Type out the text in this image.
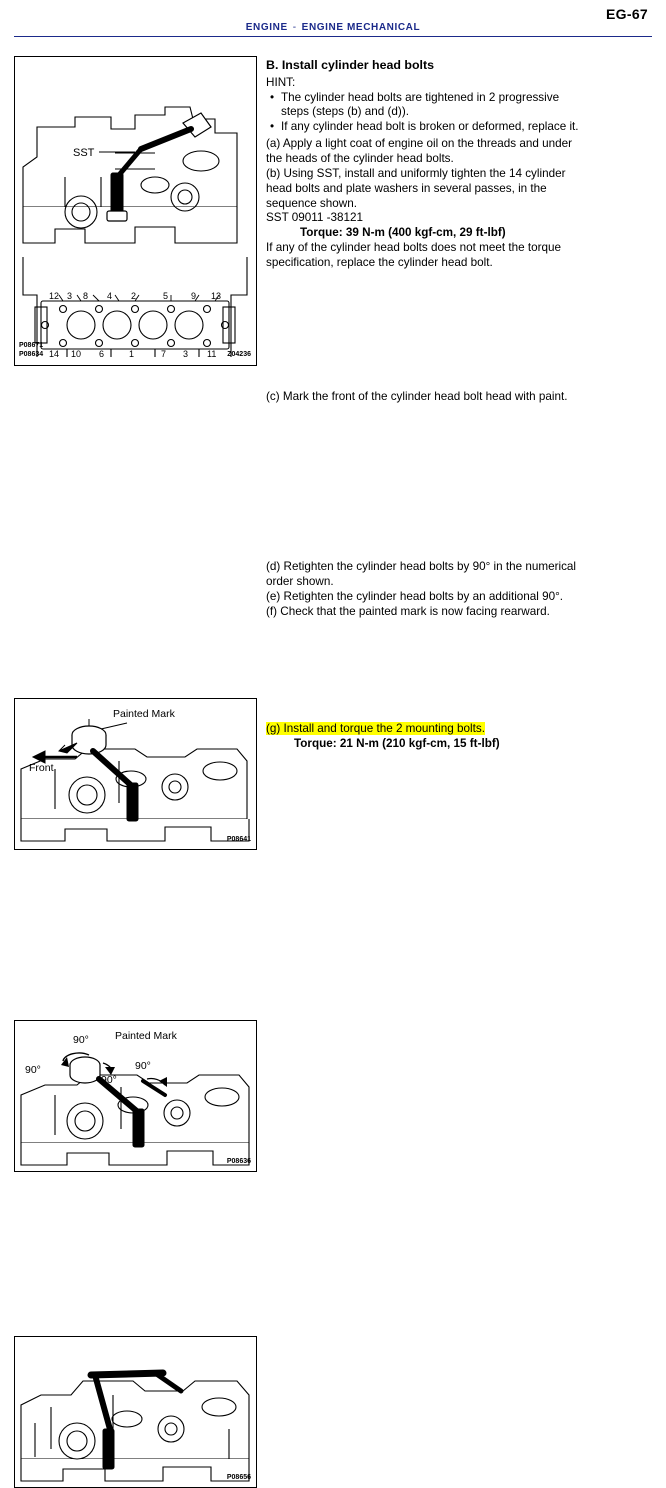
EG-67
ENGINE - ENGINE MECHANICAL
SST
12 3 8 4 2	5	9 13
14 10 6	1	7 3 11
P08671
P08634	Z04236

B. Install cylinder head bolts

HINT:

• The cylinder head bolts are tightened in 2 progressive steps (steps (b) and (d)).
• If any cylinder head bolt is broken or deformed, replace it.

(a) Apply a light coat of engine oil on the threads and under the heads of the cylinder head bolts.

(b) Using SST, install and uniformly tighten the 14 cylinder head bolts and plate washers in several passes, in the sequence shown.

SST 09011 -38121

Torque: 39 N-m (400 kgf-cm, 29 ft-lbf)

If any of the cylinder head bolts does not meet the torque specification, replace the cylinder head bolt.

Painted Mark
Front
P08641

(c) Mark the front of the cylinder head bolt head with paint.

Painted Mark
90°
90°
90°
90°
P08636

(d) Retighten the cylinder head bolts by 90° in the numerical order shown.

(e) Retighten the cylinder head bolts by an additional 90°.

(f) Check that the painted mark is now facing rearward.

P08656

(g) Install and torque the 2 mounting bolts.

Torque: 21 N-m (210 kgf-cm, 15 ft-lbf)
